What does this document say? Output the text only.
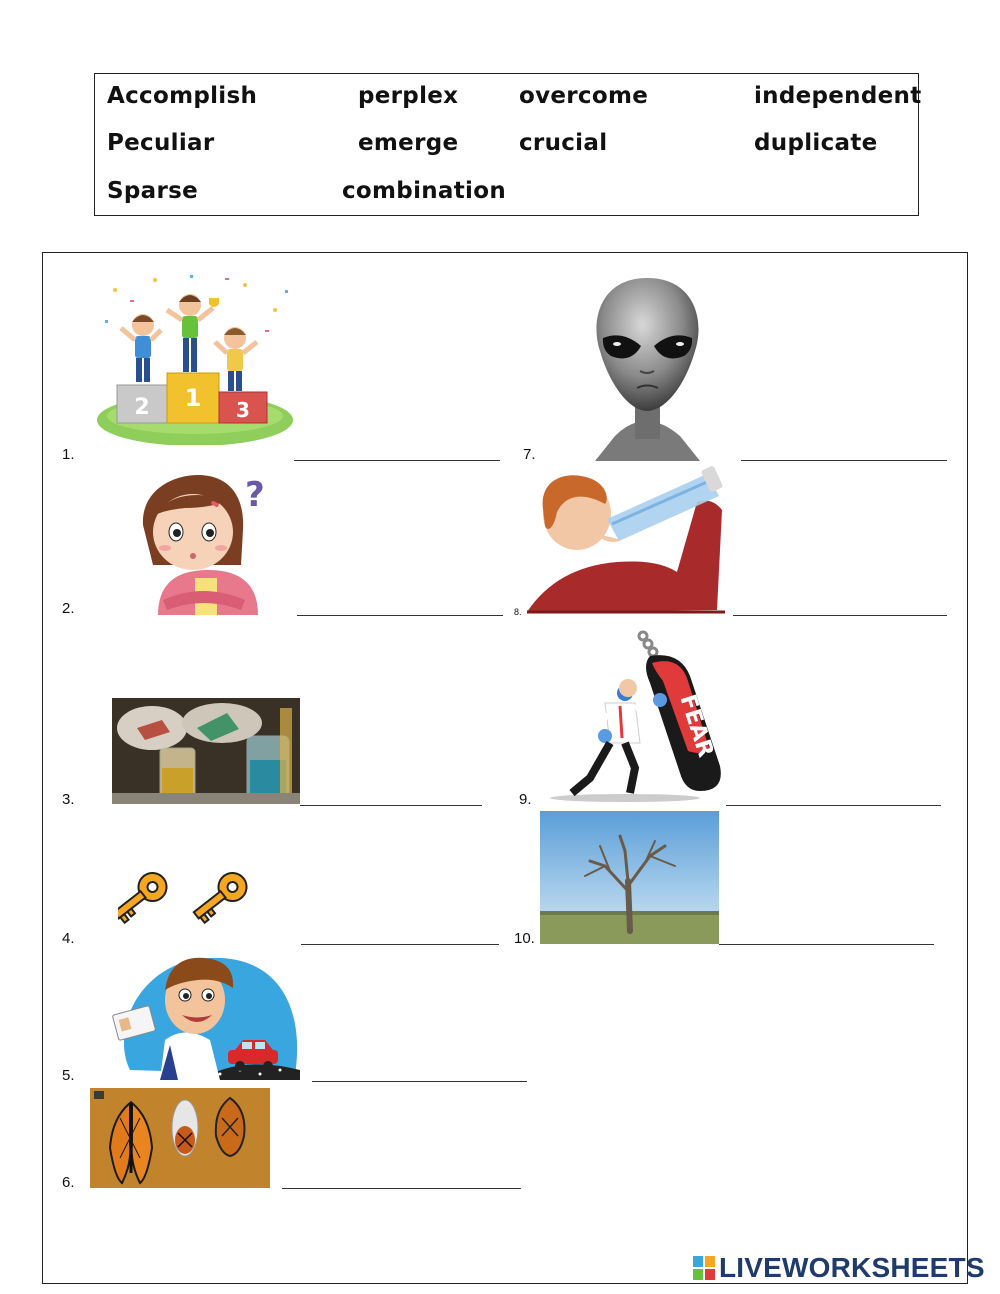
Accomplish	perplex	overcome	independent
Peculiar	emerge	crucial	duplicate
Sparse	combination
2 1 3
1.	7.
?
2.	8.
3.
FEAR
9.
10.
4.
5.
6.
LIVEWORKSHEETS
